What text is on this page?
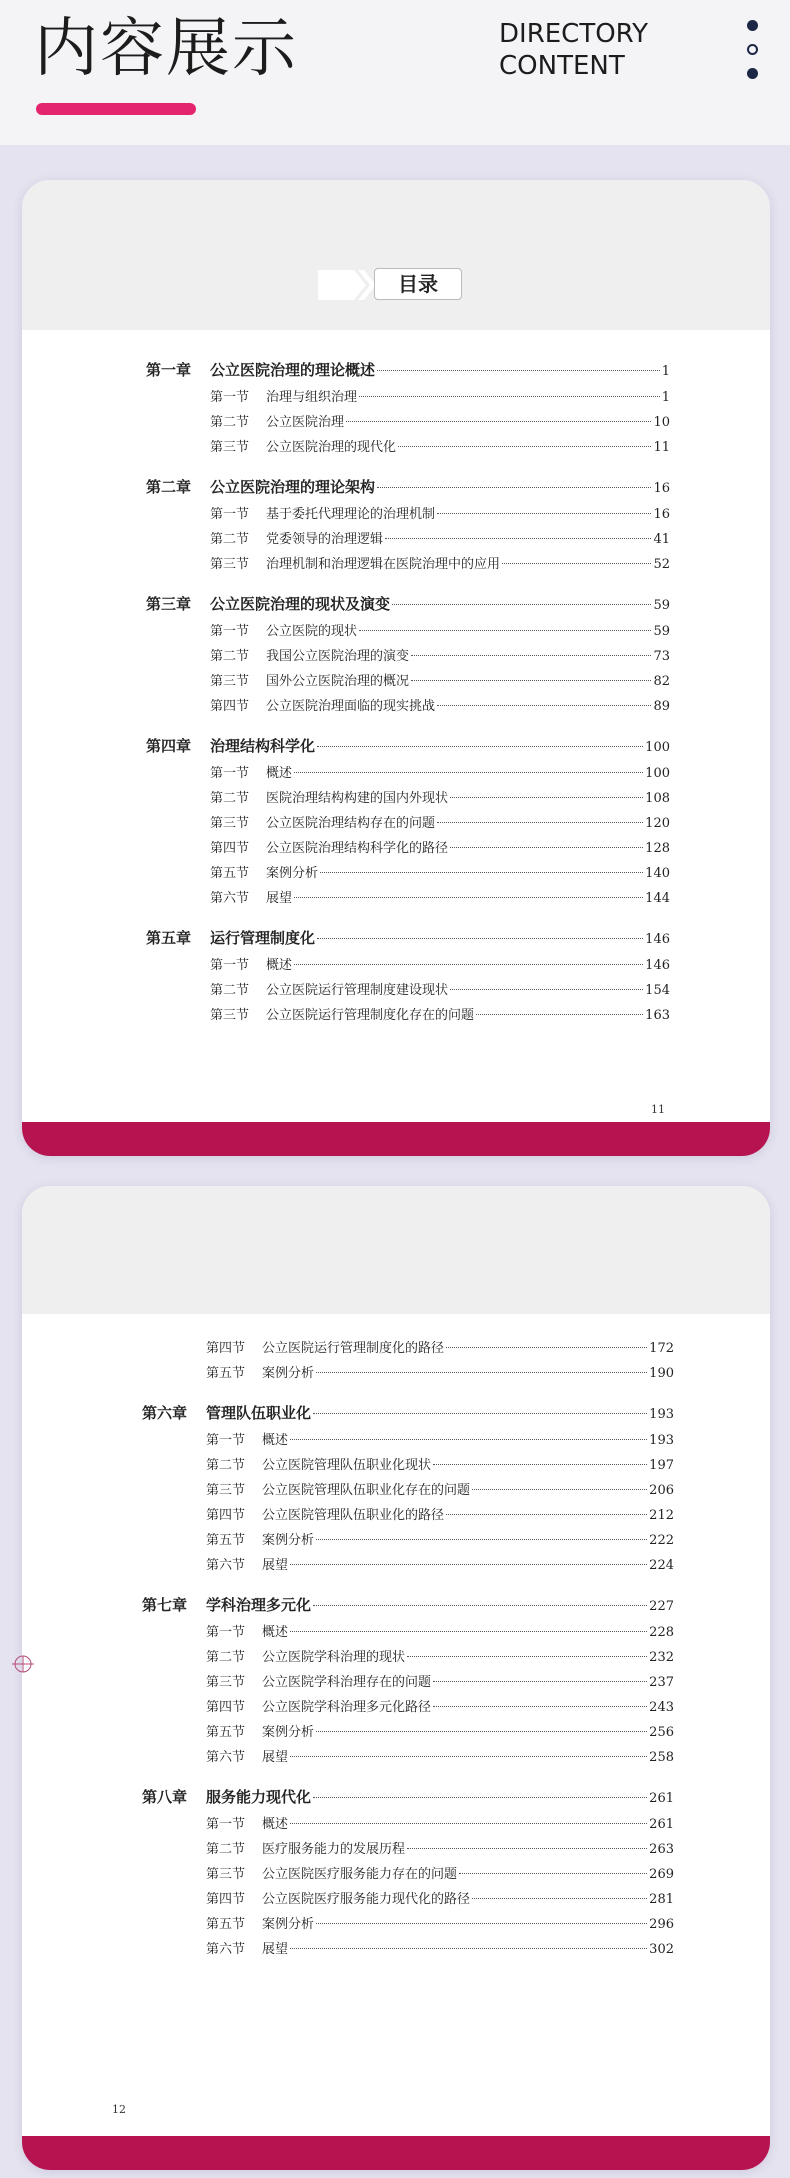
内容展示	DIRECTORY
CONTENT
目录
第一章	公立医院治理的理论概述	1
第一节	治理与组织治理	1
第二节	公立医院治理	10
第三节	公立医院治理的现代化	11
第二章	公立医院治理的理论架构	16
第一节	基于委托代理理论的治理机制	16
第二节	党委领导的治理逻辑	41
第三节	治理机制和治理逻辑在医院治理中的应用	52
第三章	公立医院治理的现状及演变	59
第一节	公立医院的现状	59
第二节	我国公立医院治理的演变	73
第三节	国外公立医院治理的概况	82
第四节	公立医院治理面临的现实挑战	89
第四章	治理结构科学化	100
第一节	概述	100
第二节	医院治理结构构建的国内外现状	108
第三节	公立医院治理结构存在的问题	120
第四节	公立医院治理结构科学化的路径	128
第五节	案例分析	140
第六节	展望	144
第五章	运行管理制度化	146
第一节	概述	146
第二节	公立医院运行管理制度建设现状	154
第三节	公立医院运行管理制度化存在的问题	163
11
第四节	公立医院运行管理制度化的路径	172
第五节	案例分析	190
第六章	管理队伍职业化	193
第一节	概述	193
第二节	公立医院管理队伍职业化现状	197
第三节	公立医院管理队伍职业化存在的问题	206
第四节	公立医院管理队伍职业化的路径	212
第五节	案例分析	222
第六节	展望	224
第七章	学科治理多元化	227
第一节	概述	228
第二节	公立医院学科治理的现状	232
第三节	公立医院学科治理存在的问题	237
第四节	公立医院学科治理多元化路径	243
第五节	案例分析	256
第六节	展望	258
第八章	服务能力现代化	261
第一节	概述	261
第二节	医疗服务能力的发展历程	263
第三节	公立医院医疗服务能力存在的问题	269
第四节	公立医院医疗服务能力现代化的路径	281
第五节	案例分析	296
第六节	展望	302
12
